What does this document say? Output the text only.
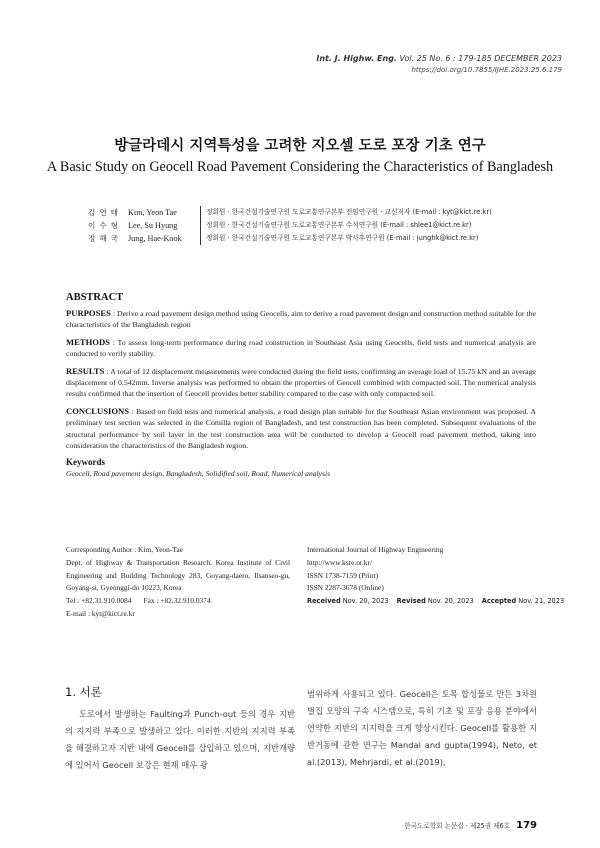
Int. J. Highw. Eng. Vol. 25 No. 6 : 179-185 DECEMBER 2023
https://doi.org/10.7855/IJHE.2023.25.6.179
방글라데시 지역특성을 고려한 지오셀 도로 포장 기초 연구
A Basic Study on Geocell Road Pavement Considering the Characteristics of Bangladesh
김 연 태 Kim, Yeon Tae	정회원 · 한국건설기술연구원 도로교통연구본부 전임연구원 · 교신저자 (E-mail : kyt@kict.re.kr)
이 수 형 Lee, Su Hyung	정회원 · 한국건설기술연구원 도로교통연구본부 수석연구원 (E-mail : shlee1@kict.re.kr)
정 해 국 Jung, Hae-Kook	정회원 · 한국건설기술연구원 도로교통연구본부 박사후연구원 (E-mail : junghk@kict.re.kr)
ABSTRACT

PURPOSES : Derive a road pavement design method using Geocells, aim to derive a road pavement design and construction method suitable for the characteristics of the Bangladesh region

METHODS : To assess long-term performance during road construction in Southeast Asia using Geocells, field tests and numerical analysis are conducted to verify stability.

RESULTS : A total of 12 displacement measurements were conducted during the field tests, confirming an average load of 15.75 kN and an average displacement of 0.542mm. Inverse analysis was performed to obtain the properties of Geocell combined with compacted soil. The numerical analysis results confirmed that the insertion of Geocell provides better stability compared to the case with only compacted soil.

CONCLUSIONS : Based on field tests and numerical analysis, a road design plan suitable for the Southeast Asian environment was proposed. A preliminary test section was selected in the Comilla region of Bangladesh, and test construction has been completed. Subsequent evaluations of the structural performance by soil layer in the test construction area will be conducted to develop a Geocell road pavement method, taking into consideration the characteristics of the Bangladesh region.

Keywords
Geocell, Road pavement design, Bangladesh, Solidified soil, Road, Numerical analysis
Corresponding Author : Kim, Yeon-Tae
Dept. of Highway & Transportation Research, Korea Institute of Civil Engineering and Building Technology 283, Goyang-daero, Ilsanseo-gu, Goyang-si, Gyeonggi-do 10223, Korea
Tel : +82.31.910.0084 Fax : +82.32.910.0374
E-mail : kyt@kict.re.kr
International Journal of Highway Engineering
http://www.ksre.or.kr/
ISSN 1738-7159 (Print)
ISSN 2287-3678 (Online)
Received Nov. 20, 2023 Revised Nov. 20, 2023 Accepted Nov. 21, 2023
1. 서론
도로에서 발생하는 Faulting과 Punch-out 등의 경우 지반의 지지력 부족으로 발생하고 있다. 이러한 지반의 지지력 부족을 해결하고자 지반 내에 Geocell를 삽입하고 있으며, 지반개량에 있어서 Geocell 보강은 현재 매우 광
범위하게 사용되고 있다. Geocell은 토목 합성물로 만든 3차원 벌집 모양의 구속 시스템으로, 특히 기초 및 포장 응용 분야에서 연약한 지반의 지지력을 크게 향상시킨다. Geocell를 활용한 지반거동에 관한 연구는 Mandal and gupta(1994), Neto, et al.(2013), Mehrjardi, et al.(2019),
한국도로학회 논문집 · 제25권 제6호 179
